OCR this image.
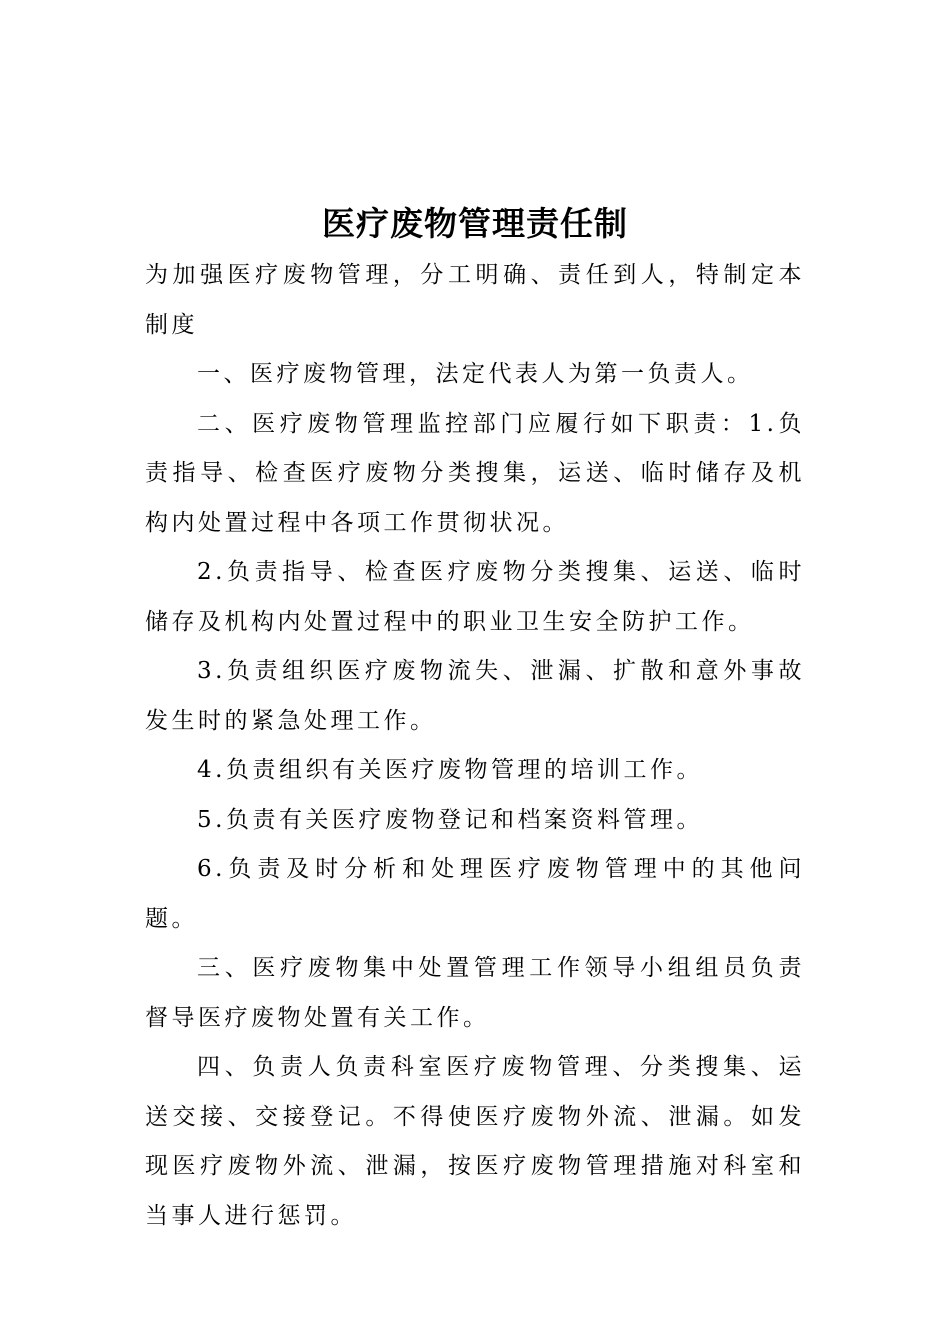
医疗废物管理责任制

为加强医疗废物管理，分工明确、责任到人，特制定本制度

一、医疗废物管理，法定代表人为第一负责人。

二、医疗废物管理监控部门应履行如下职责：1.负责指导、检查医疗废物分类搜集，运送、临时储存及机构内处置过程中各项工作贯彻状况。

2.负责指导、检查医疗废物分类搜集、运送、临时储存及机构内处置过程中的职业卫生安全防护工作。

3.负责组织医疗废物流失、泄漏、扩散和意外事故发生时的紧急处理工作。

4.负责组织有关医疗废物管理的培训工作。

5.负责有关医疗废物登记和档案资料管理。

6.负责及时分析和处理医疗废物管理中的其他问题。

三、医疗废物集中处置管理工作领导小组组员负责督导医疗废物处置有关工作。

四、负责人负责科室医疗废物管理、分类搜集、运送交接、交接登记。不得使医疗废物外流、泄漏。如发现医疗废物外流、泄漏，按医疗废物管理措施对科室和当事人进行惩罚。
